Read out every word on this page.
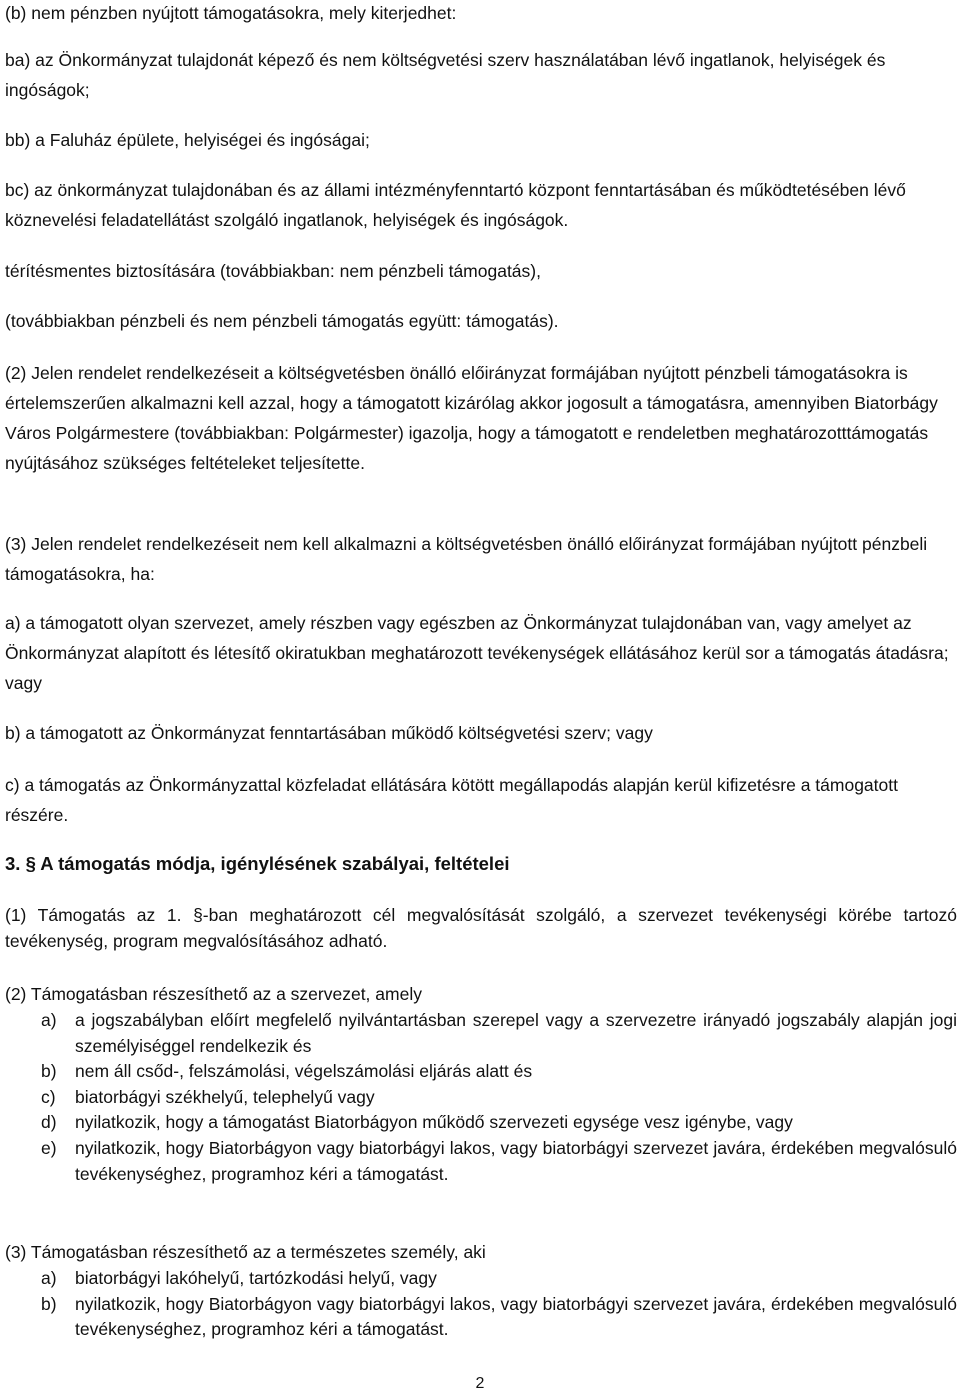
(b) nem pénzben nyújtott támogatásokra, mely kiterjedhet:

ba) az Önkormányzat tulajdonát képező és nem költségvetési szerv használatában lévő ingatlanok, helyiségek és ingóságok;

bb) a Faluház épülete, helyiségei és ingóságai;

bc) az önkormányzat tulajdonában és az állami intézményfenntartó központ fenntartásában és működtetésében lévő köznevelési feladatellátást szolgáló ingatlanok, helyiségek és ingóságok.

térítésmentes biztosítására (továbbiakban: nem pénzbeli támogatás),

(továbbiakban pénzbeli és nem pénzbeli támogatás együtt: támogatás).

(2) Jelen rendelet rendelkezéseit a költségvetésben önálló előirányzat formájában nyújtott pénzbeli támogatásokra is értelemszerűen alkalmazni kell azzal, hogy a támogatott kizárólag akkor jogosult a támogatásra, amennyiben Biatorbágy Város Polgármestere (továbbiakban: Polgármester) igazolja, hogy a támogatott e rendeletben meghatározotttámogatás nyújtásához szükséges feltételeket teljesítette.

(3) Jelen rendelet rendelkezéseit nem kell alkalmazni a költségvetésben önálló előirányzat formájában nyújtott pénzbeli támogatásokra, ha:

a) a támogatott olyan szervezet, amely részben vagy egészben az Önkormányzat tulajdonában van, vagy amelyet az Önkormányzat alapított és létesítő okiratukban meghatározott tevékenységek ellátásához kerül sor a támogatás átadásra; vagy

b) a támogatott az Önkormányzat fenntartásában működő költségvetési szerv; vagy

c) a támogatás az Önkormányzattal közfeladat ellátására kötött megállapodás alapján kerül kifizetésre a támogatott részére.

3. § A támogatás módja, igénylésének szabályai, feltételei

(1) Támogatás az 1. §-ban meghatározott cél megvalósítását szolgáló, a szervezet tevékenységi körébe tartozó tevékenység, program megvalósításához adható.

(2) Támogatásban részesíthető az a szervezet, amely

a)	a jogszabályban előírt megfelelő nyilvántartásban szerepel vagy a szervezetre irányadó jogszabály alapján jogi személyiséggel rendelkezik és
b)	nem áll csőd-, felszámolási, végelszámolási eljárás alatt és
c)	biatorbágyi székhelyű, telephelyű vagy
d)	nyilatkozik, hogy a támogatást Biatorbágyon működő szervezeti egysége vesz igénybe, vagy
e)	nyilatkozik, hogy Biatorbágyon vagy biatorbágyi lakos, vagy biatorbágyi szervezet javára, érdekében megvalósuló tevékenységhez, programhoz kéri a támogatást.

(3) Támogatásban részesíthető az a természetes személy, aki

a)	biatorbágyi lakóhelyű, tartózkodási helyű, vagy
b)	nyilatkozik, hogy Biatorbágyon vagy biatorbágyi lakos, vagy biatorbágyi szervezet javára, érdekében megvalósuló tevékenységhez, programhoz kéri a támogatást.
2
